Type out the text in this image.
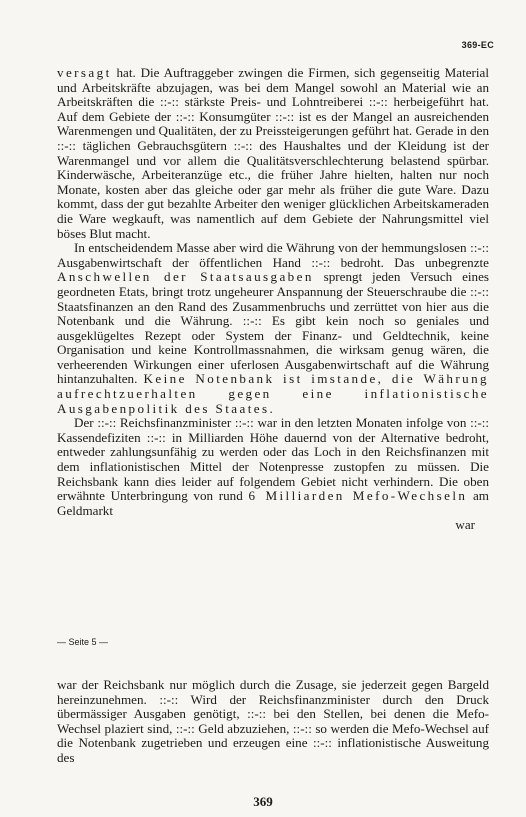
369-EC

versagt hat. Die Auftraggeber zwingen die Firmen, sich gegenseitig Material und Arbeitskräfte abzujagen, was bei dem Mangel sowohl an Material wie an Arbeitskräften die ::-:: stärkste Preis- und Lohntreiberei ::-:: herbeigeführt hat. Auf dem Gebiete der ::-:: Konsumgüter ::-:: ist es der Mangel an ausreichenden Warenmengen und Qualitäten, der zu Preissteigerungen geführt hat. Gerade in den ::-:: täglichen Gebrauchsgütern ::-:: des Haushaltes und der Kleidung ist der Warenmangel und vor allem die Qualitätsverschlechterung belastend spürbar. Kinderwäsche, Arbeiteranzüge etc., die früher Jahre hielten, halten nur noch Monate, kosten aber das gleiche oder gar mehr als früher die gute Ware. Dazu kommt, dass der gut bezahlte Arbeiter den weniger glücklichen Arbeitskameraden die Ware wegkauft, was namentlich auf dem Gebiete der Nahrungsmittel viel böses Blut macht.

In entscheidendem Masse aber wird die Währung von der hemmungslosen ::-:: Ausgabenwirtschaft der öffentlichen Hand ::-:: bedroht. Das unbegrenzte Anschwellen der Staatsausgaben sprengt jeden Versuch eines geordneten Etats, bringt trotz ungeheurer Anspannung der Steuerschraube die ::-:: Staatsfinanzen an den Rand des Zusammenbruchs und zerrüttet von hier aus die Notenbank und die Währung. ::-:: Es gibt kein noch so geniales und ausgeklügeltes Rezept oder System der Finanz- und Geldtechnik, keine Organisation und keine Kontrollmassnahmen, die wirksam genug wären, die verheerenden Wirkungen einer uferlosen Ausgabenwirtschaft auf die Währung hintanzuhalten. Keine Notenbank ist imstande, die Währung aufrechtzuerhalten gegen eine inflationistische Ausgabenpolitik des Staates.

Der ::-:: Reichsfinanzminister ::-:: war in den letzten Monaten infolge von ::-:: Kassendefiziten ::-:: in Milliarden Höhe dauernd von der Alternative bedroht, entweder zahlungsunfähig zu werden oder das Loch in den Reichsfinanzen mit dem inflationistischen Mittel der Notenpresse zustopfen zu müssen. Die Reichsbank kann dies leider auf folgendem Gebiet nicht verhindern. Die oben erwähnte Unterbringung von rund 6 Milliarden Mefo-Wechseln am Geldmarkt
war

— Seite 5 —

war der Reichsbank nur möglich durch die Zusage, sie jederzeit gegen Bargeld hereinzunehmen. ::-:: Wird der Reichsfinanzminister durch den Druck übermässiger Ausgaben genötigt, ::-:: bei den Stellen, bei denen die Mefo-Wechsel plaziert sind, ::-:: Geld abzuziehen, ::-:: so werden die Mefo-Wechsel auf die Notenbank zugetrieben und erzeugen eine ::-:: inflationistische Ausweitung des

369
